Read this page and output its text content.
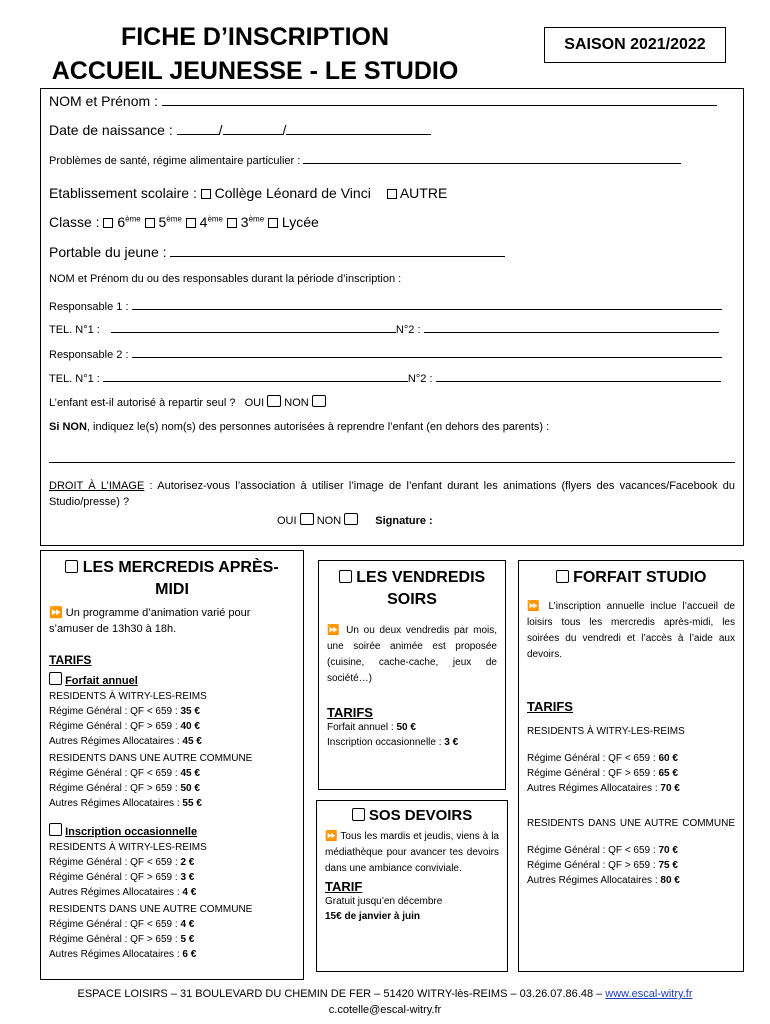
FICHE D’INSCRIPTION
ACCUEIL JEUNESSE - LE STUDIO
SAISON 2021/2022
NOM et Prénom :
Date de naissance :	/	/
Problèmes de santé, régime alimentaire particulier :
Etablissement scolaire : Collège Léonard de Vinci AUTRE
Classe : 6ème 5ème 4ème 3ème Lycée
Portable du jeune :
NOM et Prénom du ou des responsables durant la période d’inscription :
Responsable 1 :
TEL. N°1 :	N°2 :
Responsable 2 :
TEL. N°1 :	N°2 :
L’enfant est-il autorisé à repartir seul ? OUI NON
Si NON, indiquez le(s) nom(s) des personnes autorisées à reprendre l’enfant (en dehors des parents) :
DROIT À L’IMAGE : Autorisez-vous l’association à utiliser l’image de l’enfant durant les animations (flyers des vacances/Facebook du Studio/presse) ?
OUI NON	Signature :
LES MERCREDIS APRÈS-MIDI
⏩ Un programme d’animation varié pour s’amuser de 13h30 à 18h.
TARIFS
Forfait annuel
RESIDENTS À WITRY-LES-REIMS
Régime Général : QF < 659 : 35 €
Régime Général : QF > 659 : 40 €
Autres Régimes Allocataires : 45 €
RESIDENTS DANS UNE AUTRE COMMUNE
Régime Général : QF < 659 : 45 €
Régime Général : QF > 659 : 50 €
Autres Régimes Allocataires : 55 €
Inscription occasionnelle
RESIDENTS À WITRY-LES-REIMS
Régime Général : QF < 659 : 2 €
Régime Général : QF > 659 : 3 €
Autres Régimes Allocataires : 4 €
RESIDENTS DANS UNE AUTRE COMMUNE
Régime Général : QF < 659 : 4 €
Régime Général : QF > 659 : 5 €
Autres Régimes Allocataires : 6 €
LES VENDREDIS SOIRS
⏩ Un ou deux vendredis par mois, une soirée animée est proposée (cuisine, cache-cache, jeux de société…)
TARIFS
Forfait annuel : 50 €
Inscription occasionnelle : 3 €
SOS DEVOIRS
⏩ Tous les mardis et jeudis, viens à la médiathèque pour avancer tes devoirs dans une ambiance conviviale.
TARIF
Gratuit jusqu’en décembre
15€ de janvier à juin
FORFAIT STUDIO
⏩ L’inscription annuelle inclue l’accueil de loisirs tous les mercredis après-midi, les soirées du vendredi et l’accès à l’aide aux devoirs.
TARIFS
RESIDENTS À WITRY-LES-REIMS
Régime Général : QF < 659 : 60 €
Régime Général : QF > 659 : 65 €
Autres Régimes Allocataires : 70 €
RESIDENTS DANS UNE AUTRE COMMUNE
Régime Général : QF < 659 : 70 €
Régime Général : QF > 659 : 75 €
Autres Régimes Allocataires : 80 €
ESPACE LOISIRS – 31 BOULEVARD DU CHEMIN DE FER – 51420 WITRY-lès-REIMS – 03.26.07.86.48 – www.escal-witry.fr
c.cotelle@escal-witry.fr
